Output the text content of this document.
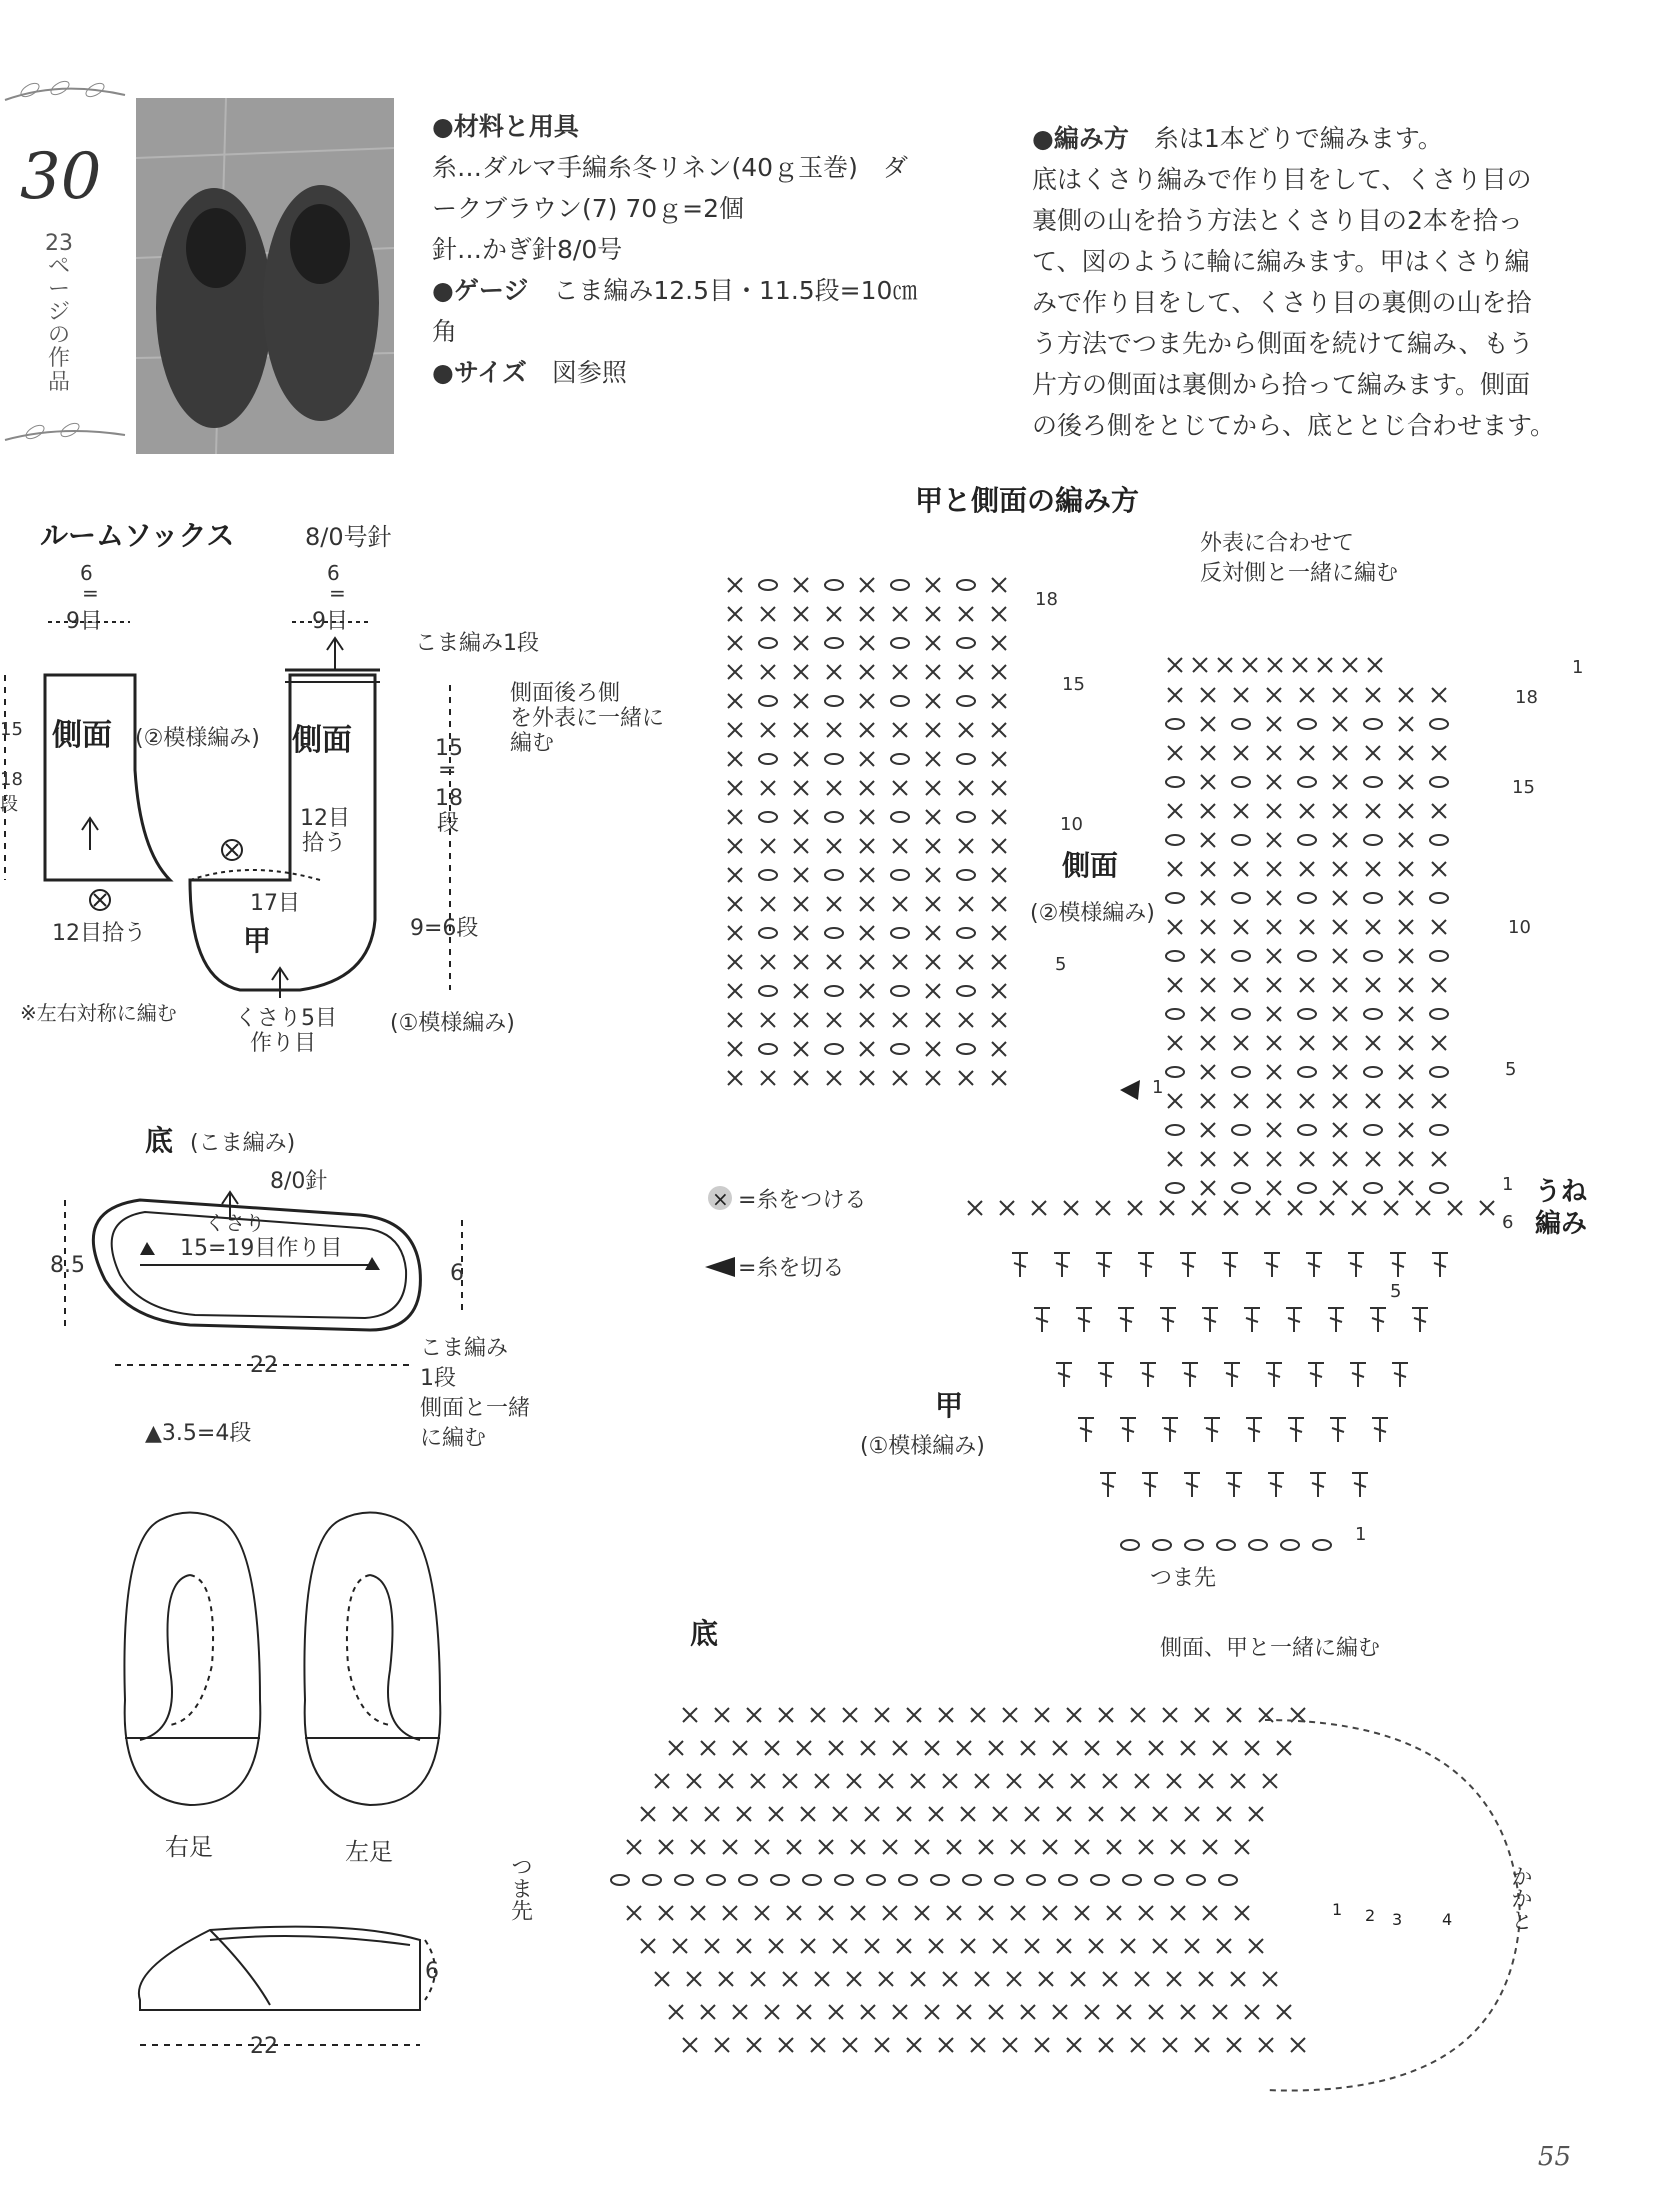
30
23
ペ
ー
ジ
の
作
品
●材料と用具
糸…ダルマ手編糸冬リネン(40ｇ玉巻)　ダ
ークブラウン(7) 70ｇ=2個
針…かぎ針8/0号
●ゲージ　 こま編み12.5目・11.5段=10㎝
角
●サイズ　 図参照
●編み方　 糸は1本どりで編みます。
底はくさり編みで作り目をして、くさり目の
裏側の山を拾う方法とくさり目の2本を拾っ
て、図のように輪に編みます。甲はくさり編
みで作り目をして、くさり目の裏側の山を拾
う方法でつま先から側面を続けて編み、もう
片方の側面は裏側から拾って編みます。側面
の後ろ側をとじてから、底ととじ合わせます。
ルームソックス	8/0号針
6
=
9目
6
=
9目
側面	側面
(②模様編み)
15
18
段
12目拾う
12目
拾う
こま編み1段
15
=
18
段
側面後ろ側
を外表に一緒に
編む
17目
甲	9=6段
くさり5目
作り目
(①模様編み)
※左右対称に編む
底 (こま編み)
8/0針
くさり
15=19目作り目
8.5	6
22
こま編み
1段
側面と一緒
に編む
▲3.5=4段
右足	左足
6
22
甲と側面の編み方
外表に合わせて
反対側と一緒に編む
18
15
10
5
1
1
18
15
10
5
1
6
うね
編み
側面
(②模様編み)
× =糸をつける
=糸を切る
甲
(①模様編み)
つま先
5
1
底	側面、甲と一緒に編む
つま先	かかと
1 2 3 4
55
